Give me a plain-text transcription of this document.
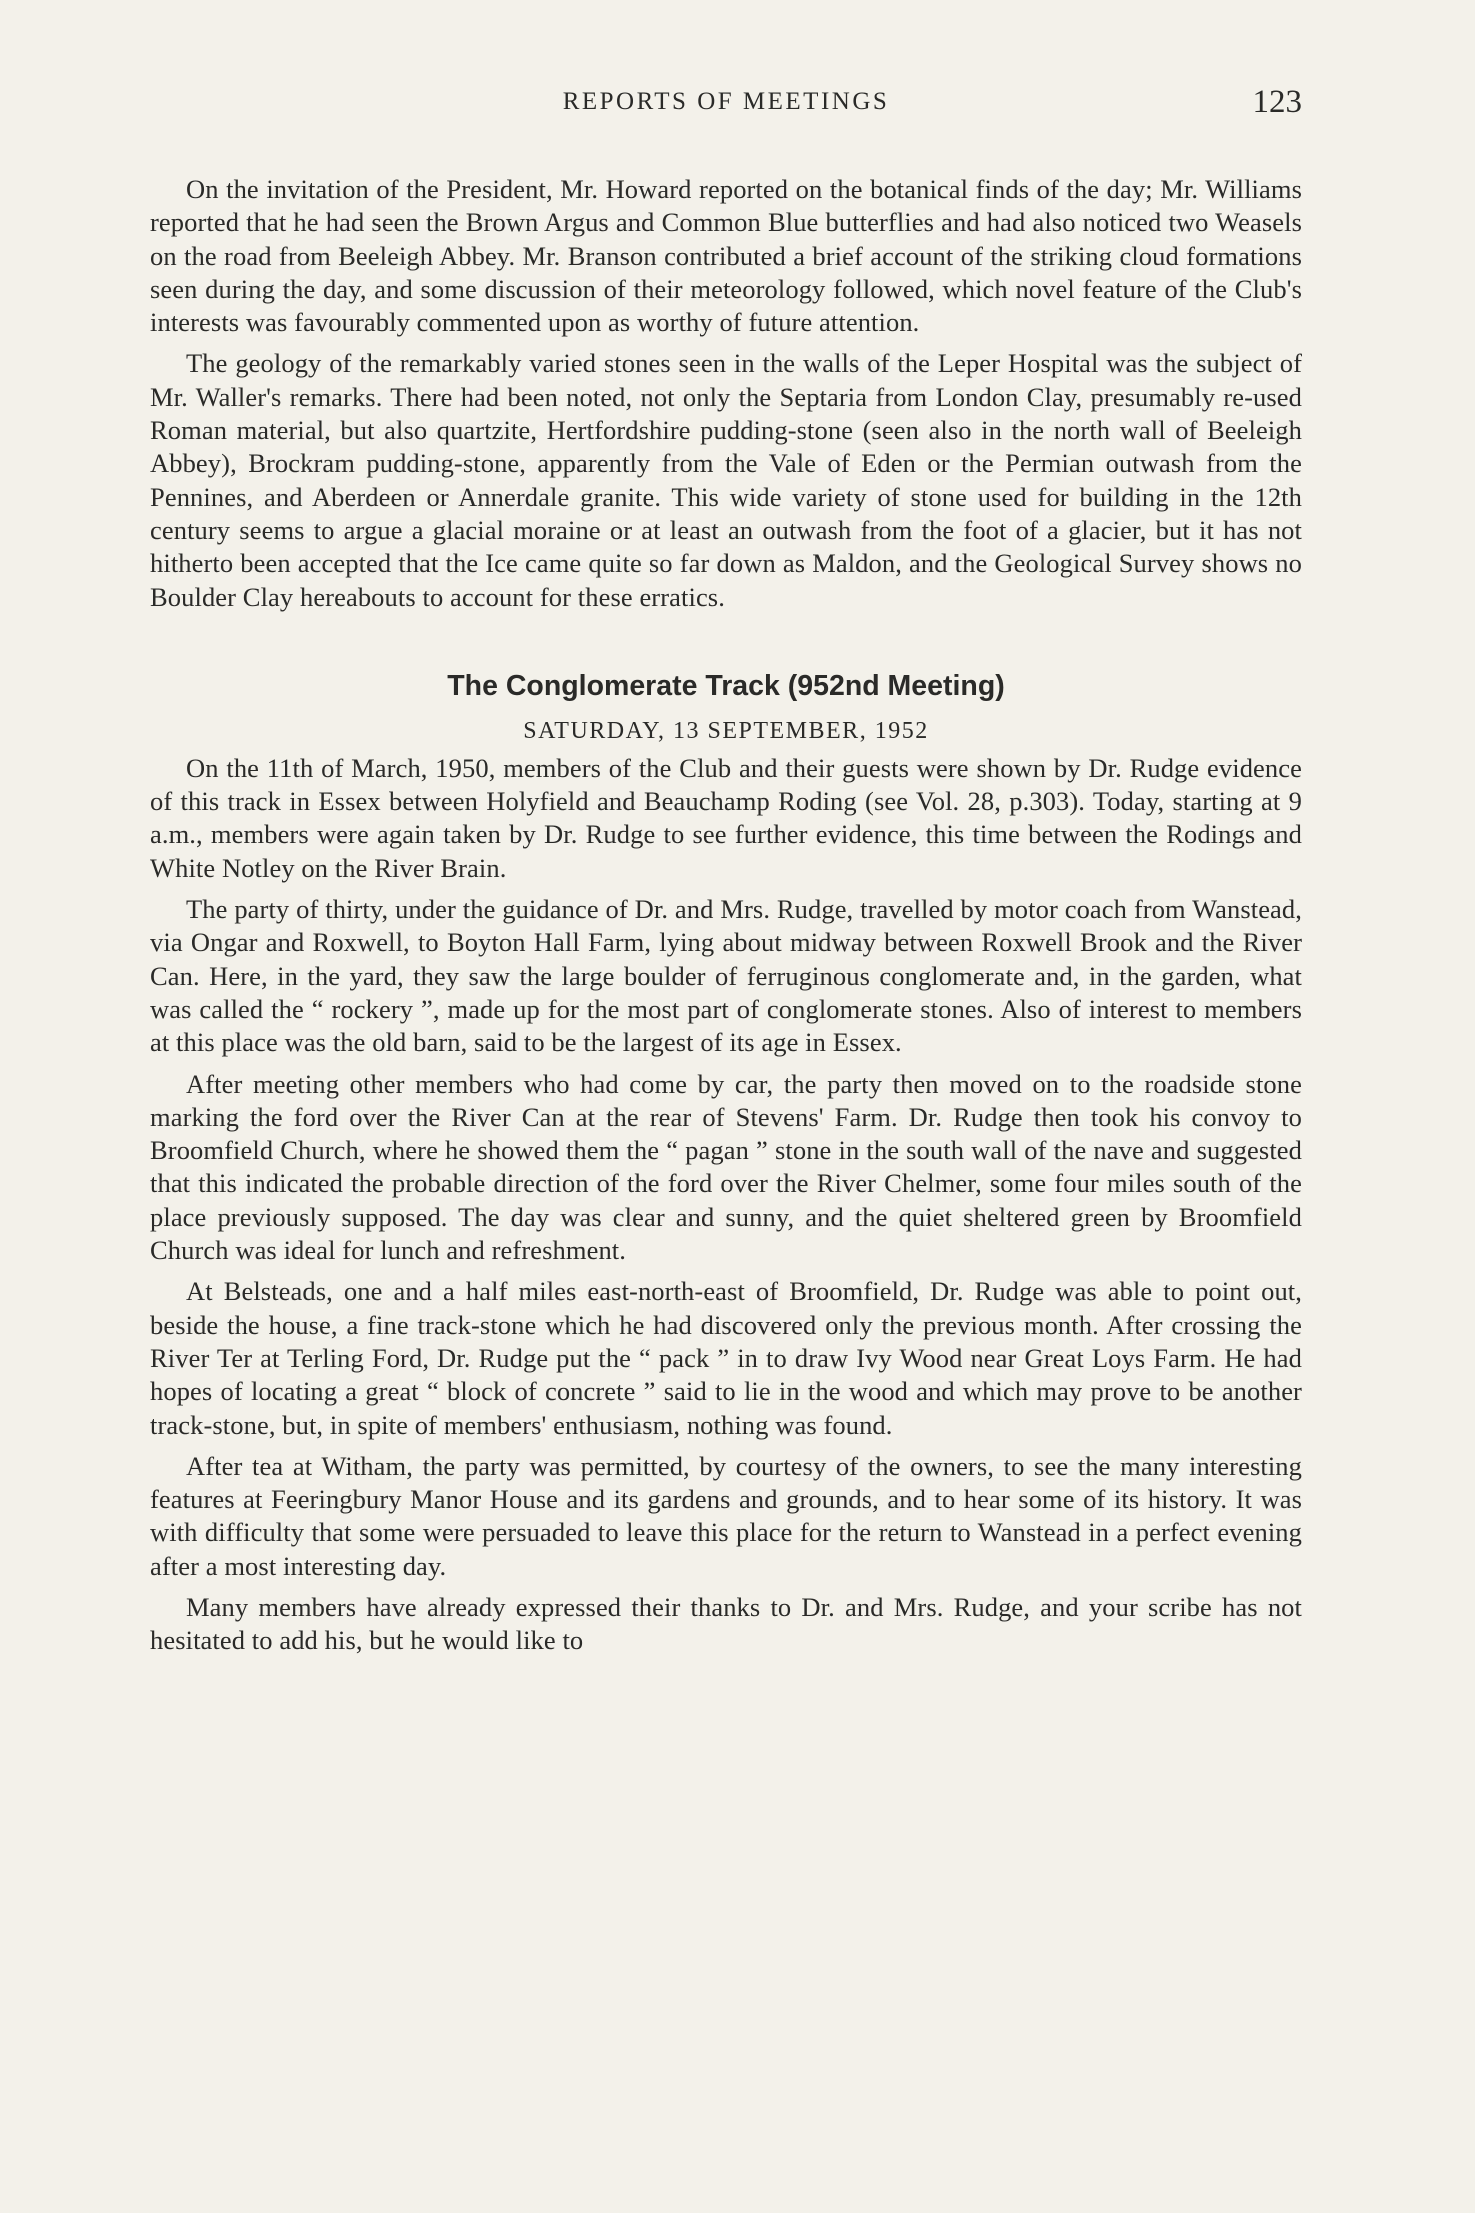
REPORTS OF MEETINGS	123

On the invitation of the President, Mr. Howard reported on the botanical finds of the day; Mr. Williams reported that he had seen the Brown Argus and Common Blue butterflies and had also noticed two Weasels on the road from Beeleigh Abbey. Mr. Branson contributed a brief account of the striking cloud formations seen during the day, and some discussion of their meteorology followed, which novel feature of the Club's interests was favourably commented upon as worthy of future attention.

The geology of the remarkably varied stones seen in the walls of the Leper Hospital was the subject of Mr. Waller's remarks. There had been noted, not only the Septaria from London Clay, presumably re-used Roman material, but also quartzite, Hertfordshire pudding-stone (seen also in the north wall of Beeleigh Abbey), Brockram pudding-stone, apparently from the Vale of Eden or the Permian outwash from the Pennines, and Aberdeen or Annerdale granite. This wide variety of stone used for building in the 12th century seems to argue a glacial moraine or at least an outwash from the foot of a glacier, but it has not hitherto been accepted that the Ice came quite so far down as Maldon, and the Geological Survey shows no Boulder Clay hereabouts to account for these erratics.

The Conglomerate Track (952nd Meeting)
SATURDAY, 13 SEPTEMBER, 1952

On the 11th of March, 1950, members of the Club and their guests were shown by Dr. Rudge evidence of this track in Essex between Holyfield and Beauchamp Roding (see Vol. 28, p.303). Today, starting at 9 a.m., members were again taken by Dr. Rudge to see further evidence, this time between the Rodings and White Notley on the River Brain.

The party of thirty, under the guidance of Dr. and Mrs. Rudge, travelled by motor coach from Wanstead, via Ongar and Roxwell, to Boyton Hall Farm, lying about midway between Roxwell Brook and the River Can. Here, in the yard, they saw the large boulder of ferruginous conglomerate and, in the garden, what was called the “ rockery ”, made up for the most part of conglomerate stones. Also of interest to members at this place was the old barn, said to be the largest of its age in Essex.

After meeting other members who had come by car, the party then moved on to the roadside stone marking the ford over the River Can at the rear of Stevens' Farm. Dr. Rudge then took his convoy to Broomfield Church, where he showed them the “ pagan ” stone in the south wall of the nave and suggested that this indicated the probable direction of the ford over the River Chelmer, some four miles south of the place previously supposed. The day was clear and sunny, and the quiet sheltered green by Broomfield Church was ideal for lunch and refreshment.

At Belsteads, one and a half miles east-north-east of Broomfield, Dr. Rudge was able to point out, beside the house, a fine track-stone which he had discovered only the previous month. After crossing the River Ter at Terling Ford, Dr. Rudge put the “ pack ” in to draw Ivy Wood near Great Loys Farm. He had hopes of locating a great “ block of concrete ” said to lie in the wood and which may prove to be another track-stone, but, in spite of members' enthusiasm, nothing was found.

After tea at Witham, the party was permitted, by courtesy of the owners, to see the many interesting features at Feeringbury Manor House and its gardens and grounds, and to hear some of its history. It was with difficulty that some were persuaded to leave this place for the return to Wanstead in a perfect evening after a most interesting day.

Many members have already expressed their thanks to Dr. and Mrs. Rudge, and your scribe has not hesitated to add his, but he would like to
